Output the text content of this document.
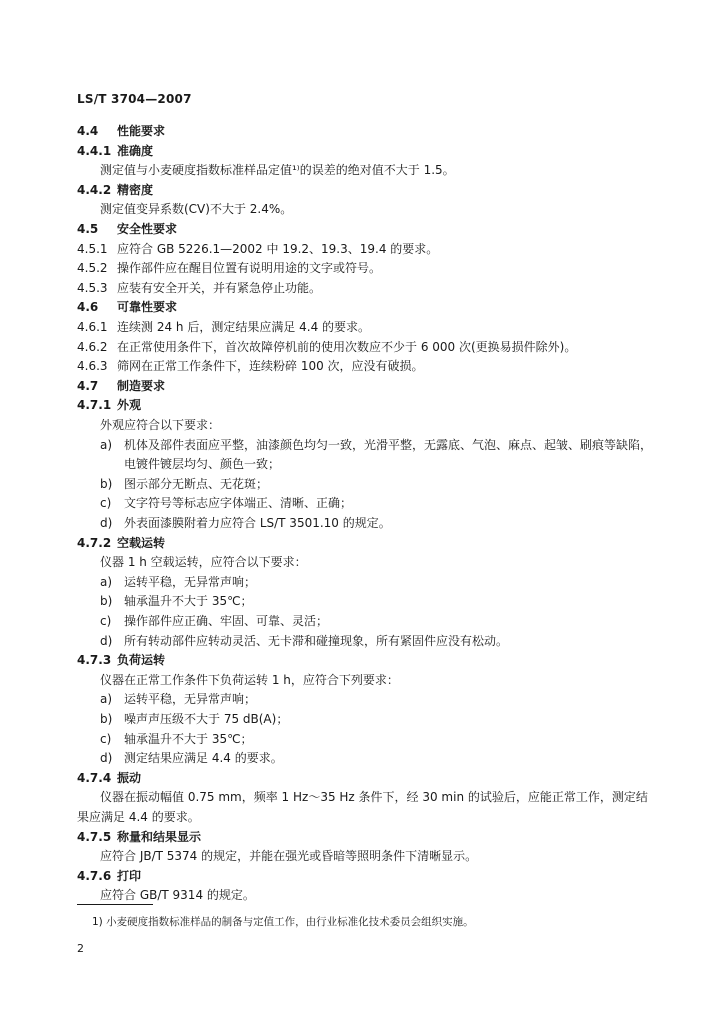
LS/T 3704—2007
4.4 性能要求
4.4.1 准确度
测定值与小麦硬度指数标准样品定值¹⁾的误差的绝对值不大于 1.5。
4.4.2 精密度
测定值变异系数(CV)不大于 2.4%。
4.5 安全性要求
4.5.1 应符合 GB 5226.1—2002 中 19.2、19.3、19.4 的要求。
4.5.2 操作部件应在醒目位置有说明用途的文字或符号。
4.5.3 应装有安全开关，并有紧急停止功能。
4.6 可靠性要求
4.6.1 连续测 24 h 后，测定结果应满足 4.4 的要求。
4.6.2 在正常使用条件下，首次故障停机前的使用次数应不少于 6 000 次(更换易损件除外)。
4.6.3 筛网在正常工作条件下，连续粉碎 100 次，应没有破损。
4.7 制造要求
4.7.1 外观
外观应符合以下要求：
a) 机体及部件表面应平整，油漆颜色均匀一致，光滑平整，无露底、气泡、麻点、起皱、刷痕等缺陷，
电镀件镀层均匀、颜色一致；
b) 图示部分无断点、无花斑；
c) 文字符号等标志应字体端正、清晰、正确；
d) 外表面漆膜附着力应符合 LS/T 3501.10 的规定。
4.7.2 空载运转
仪器 1 h 空载运转，应符合以下要求：
a) 运转平稳，无异常声响；
b) 轴承温升不大于 35℃；
c) 操作部件应正确、牢固、可靠、灵活；
d) 所有转动部件应转动灵活、无卡滞和碰撞现象，所有紧固件应没有松动。
4.7.3 负荷运转
仪器在正常工作条件下负荷运转 1 h，应符合下列要求：
a) 运转平稳，无异常声响；
b) 噪声声压级不大于 75 dB(A)；
c) 轴承温升不大于 35℃；
d) 测定结果应满足 4.4 的要求。
4.7.4 振动
仪器在振动幅值 0.75 mm，频率 1 Hz～35 Hz 条件下，经 30 min 的试验后，应能正常工作，测定结
果应满足 4.4 的要求。
4.7.5 称量和结果显示
应符合 JB/T 5374 的规定，并能在强光或昏暗等照明条件下清晰显示。
4.7.6 打印
应符合 GB/T 9314 的规定。
1) 小麦硬度指数标准样品的制备与定值工作，由行业标准化技术委员会组织实施。
2
